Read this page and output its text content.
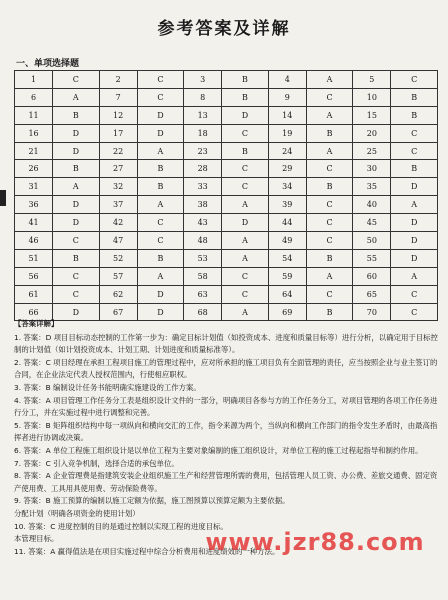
参考答案及详解
一、单项选择题
1	C	2	C	3	B	4	A	5	C
6	A	7	C	8	B	9	C	10	B
11	B	12	D	13	D	14	A	15	B
16	D	17	D	18	C	19	B	20	C
21	D	22	A	23	B	24	A	25	C
26	B	27	B	28	C	29	C	30	B
31	A	32	B	33	C	34	B	35	D
36	D	37	A	38	A	39	C	40	A
41	D	42	C	43	D	44	C	45	D
46	C	47	C	48	A	49	C	50	D
51	B	52	B	53	A	54	B	55	D
56	C	57	A	58	C	59	A	60	A
61	C	62	D	63	C	64	C	65	C
66	D	67	D	68	A	69	B	70	C

【答案详解】

1. 答案：D 项目目标动态控制的工作第一步为：确定目标计划值（如投资成本、进度和质量目标等）进行分析，以确定用于目标控制的计划值（如计划投资成本、计划工期、计划进度和质量标准等）。

2. 答案：C 项目经理在承担工程项目施工的管理过程中，应对所承担的施工项目负有全面管理的责任，应当按照企业与业主签订的合同，在企业法定代表人授权范围内，行使相应职权。

3. 答案：B 编制设计任务书能明确实施建设的工作方案。

4. 答案：A 项目管理工作任务分工表是组织设计文件的一部分，明确项目各参与方的工作任务分工，对项目管理的各项工作任务进行分工，并在实施过程中进行调整和完善。

5. 答案：B 矩阵组织结构中每一项纵向和横向交汇的工作，指令来源为两个，当纵向和横向工作部门的指令发生矛盾时，由最高指挥者进行协调或决策。

6. 答案：A 单位工程施工组织设计是以单位工程为主要对象编制的施工组织设计，对单位工程的施工过程起指导和制约作用。

7. 答案：C 引入竞争机制，选择合适的承包单位。

8. 答案：A 企业管理费是指建筑安装企业组织施工生产和经营管理所需的费用，包括管理人员工资、办公费、差旅交通费、固定资产使用费、工具用具使用费、劳动保险费等。

9. 答案：B 施工预算的编制以施工定额为依据，施工图预算以预算定额为主要依据。

分配计划（明确各项资金的使用计划）

10. 答案：C 进度控制的目的是通过控制以实现工程的进度目标。

本管理目标。

11. 答案：A 赢得值法是在项目实施过程中综合分析费用和进度绩效的一种方法。

www.jzr88.com
